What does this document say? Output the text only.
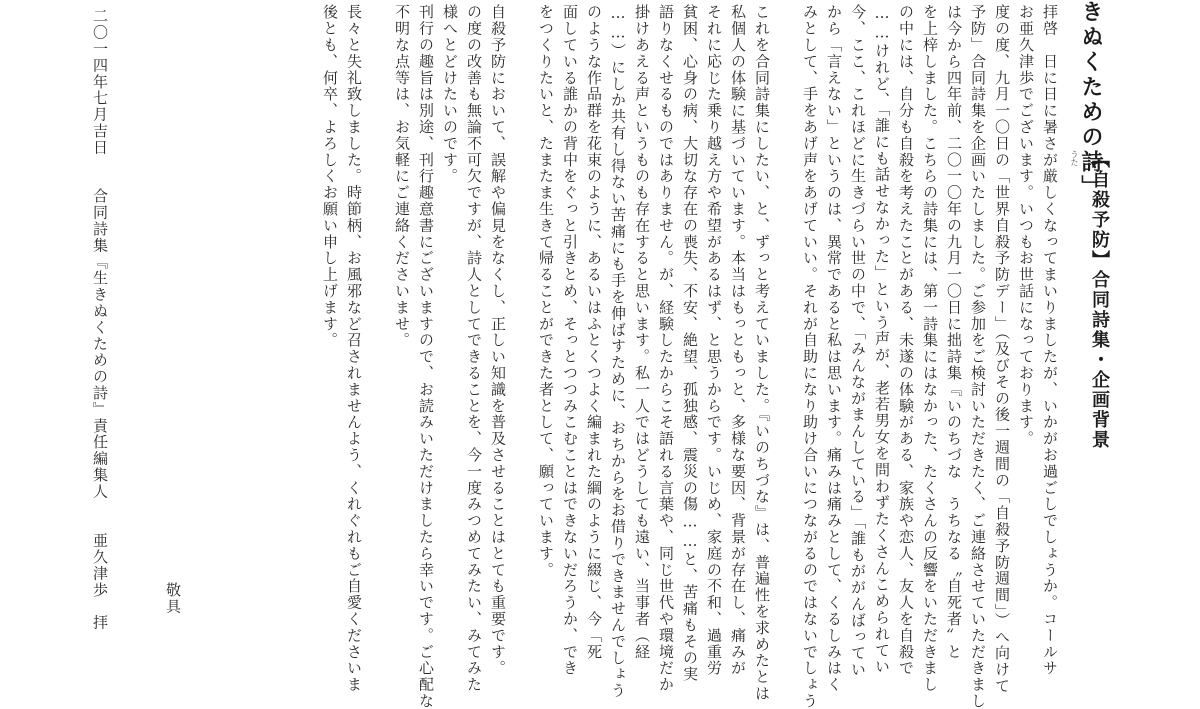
きぬくための詩」
うた 【自殺予防】合同詩集・企画背景
拝啓　日に日に暑さが厳しくなってまいりましたが、いかがお過ごしでしょうか。コールサ
お亜久津歩でございます。いつもお世話になっております。
度の度、九月一〇日の「世界自殺予防デー」（及びその後一週間の「自殺予防週間」）へ向けて
予防」合同詩集を企画いたしました。ご参加をご検討いただきたく、ご連絡させていただきまし
は今から四年前、二〇一〇年の九月一〇日に拙詩集『いのちづな　うちなる〝自死者〟と
を上梓しました。こちらの詩集には、第一詩集にはなかった、たくさんの反響をいただきまし
の中には、自分も自殺を考えたことがある、未遂の体験がある、家族や恋人、友人を自殺で
……けれど、「誰にも話せなかった」という声が、老若男女を問わずたくさんこめられてい
今、ここ、これほどに生きづらい世の中で、「みんながまんしている」「誰もががんばってい
から「言えない」というのは、異常であると私は思います。痛みは痛みとして、くるしみはく
みとして、手をあげ声をあげていい。それが自助になり助け合いにつながるのではないでしょう
これを合同詩集にしたい、と、ずっと考えていました。『いのちづな』は、普遍性を求めたとは
私個人の体験に基づいています。本当はもっともっと、多様な要因、背景が存在し、痛みが
それに応じた乗り越え方や希望があるはず、と思うからです。いじめ、家庭の不和、過重労
貧困、心身の病、大切な存在の喪失、不安、絶望、孤独感、震災の傷……と、苦痛もその実
語りなくせるものではありません。が、経験したからこそ語れる言葉や、同じ世代や環境だか
掛けあえる声というものも存在すると思います。私一人ではどうしても遠い、当事者（経
……）にしか共有し得ない苦痛にも手を伸ばすために、おちからをお借りできませんでしょう
のような作品群を花束のように、あるいはふとくつよく編まれた綱のように綴じ、今「死
面している誰かの背中をぐっと引きとめ、そっとつつみこむことはできないだろうか、でき
をつくりたいと、たまたま生きて帰ることができた者として、願っています。
自殺予防において、誤解や偏見をなくし、正しい知識を普及させることはとても重要です。
の度の改善も無論不可欠ですが、詩人としてできることを、今一度みつめてみたい、みてみた
様へとどけたいのです。
刊行の趣旨は別途、刊行趣意書にございますので、お読みいただけましたら幸いです。ご心配な
不明な点等は、お気軽にご連絡くださいませ。
長々と失礼致しました。時節柄、お風邪など召されませんよう、くれぐれもご自愛くださいま
後とも、何卒、よろしくお願い申し上げます。
敬具
二〇一四年七月吉日
合同詩集『生きぬくための詩』責任編集人　　亜久津歩　拝
